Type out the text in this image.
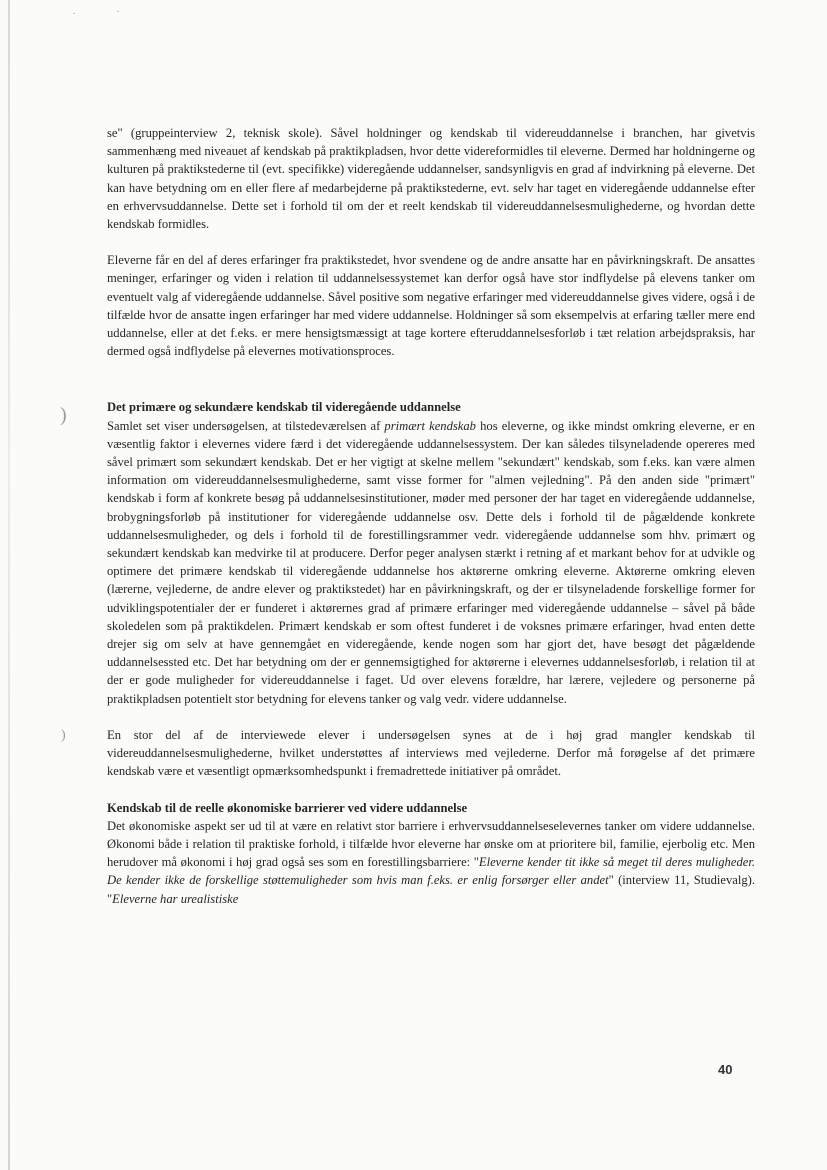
·	·
)
)

se" (gruppeinterview 2, teknisk skole). Såvel holdninger og kendskab til videreuddannelse i branchen, har givetvis sammenhæng med niveauet af kendskab på praktikpladsen, hvor dette videreformidles til eleverne. Dermed har holdningerne og kulturen på praktikstederne til (evt. specifikke) videregående uddannelser, sandsynligvis en grad af indvirkning på eleverne. Det kan have betydning om en eller flere af medarbejderne på praktikstederne, evt. selv har taget en videregående uddannelse efter en erhvervsuddannelse. Dette set i forhold til om der et reelt kendskab til videreuddannelsesmulighederne, og hvordan dette kendskab formidles.

Eleverne får en del af deres erfaringer fra praktikstedet, hvor svendene og de andre ansatte har en påvirkningskraft. De ansattes meninger, erfaringer og viden i relation til uddannelsessystemet kan derfor også have stor indflydelse på elevens tanker om eventuelt valg af videregående uddannelse. Såvel positive som negative erfaringer med videreuddannelse gives videre, også i de tilfælde hvor de ansatte ingen erfaringer har med videre uddannelse. Holdninger så som eksempelvis at erfaring tæller mere end uddannelse, eller at det f.eks. er mere hensigtsmæssigt at tage kortere efteruddannelsesforløb i tæt relation arbejdspraksis, har dermed også indflydelse på elevernes motivationsproces.

Det primære og sekundære kendskab til videregående uddannelse

Samlet set viser undersøgelsen, at tilstedeværelsen af primært kendskab hos eleverne, og ikke mindst omkring eleverne, er en væsentlig faktor i elevernes videre færd i det videregående uddannelsessystem. Der kan således tilsyneladende opereres med såvel primært som sekundært kendskab. Det er her vigtigt at skelne mellem "sekundært" kendskab, som f.eks. kan være almen information om videreuddannelsesmulighederne, samt visse former for "almen vejledning". På den anden side "primært" kendskab i form af konkrete besøg på uddannelsesinstitutioner, møder med personer der har taget en videregående uddannelse, brobygningsforløb på institutioner for videregående uddannelse osv. Dette dels i forhold til de pågældende konkrete uddannelsesmuligheder, og dels i forhold til de forestillingsrammer vedr. videregående uddannelse som hhv. primært og sekundært kendskab kan medvirke til at producere. Derfor peger analysen stærkt i retning af et markant behov for at udvikle og optimere det primære kendskab til videregående uddannelse hos aktørerne omkring eleverne. Aktørerne omkring eleven (lærerne, vejlederne, de andre elever og praktikstedet) har en påvirkningskraft, og der er tilsyneladende forskellige former for udviklingspotentialer der er funderet i aktørernes grad af primære erfaringer med videregående uddannelse – såvel på både skoledelen som på praktikdelen. Primært kendskab er som oftest funderet i de voksnes primære erfaringer, hvad enten dette drejer sig om selv at have gennemgået en videregående, kende nogen som har gjort det, have besøgt det pågældende uddannelsessted etc. Det har betydning om der er gennemsigtighed for aktørerne i elevernes uddannelsesforløb, i relation til at der er gode muligheder for videreuddannelse i faget. Ud over elevens forældre, har lærere, vejledere og personerne på praktikpladsen potentielt stor betydning for elevens tanker og valg vedr. videre uddannelse.

En stor del af de interviewede elever i undersøgelsen synes at de i høj grad mangler kendskab til videreuddannelsesmulighederne, hvilket understøttes af interviews med vejlederne. Derfor må forøgelse af det primære kendskab være et væsentligt opmærksomhedspunkt i fremadrettede initiativer på området.

Kendskab til de reelle økonomiske barrierer ved videre uddannelse

Det økonomiske aspekt ser ud til at være en relativt stor barriere i erhvervsuddannelseselevernes tanker om videre uddannelse. Økonomi både i relation til praktiske forhold, i tilfælde hvor eleverne har ønske om at prioritere bil, familie, ejerbolig etc. Men herudover må økonomi i høj grad også ses som en forestillingsbarriere: "Eleverne kender tit ikke så meget til deres muligheder. De kender ikke de forskellige støttemuligheder som hvis man f.eks. er enlig forsørger eller andet" (interview 11, Studievalg). "Eleverne har urealistiske

40
